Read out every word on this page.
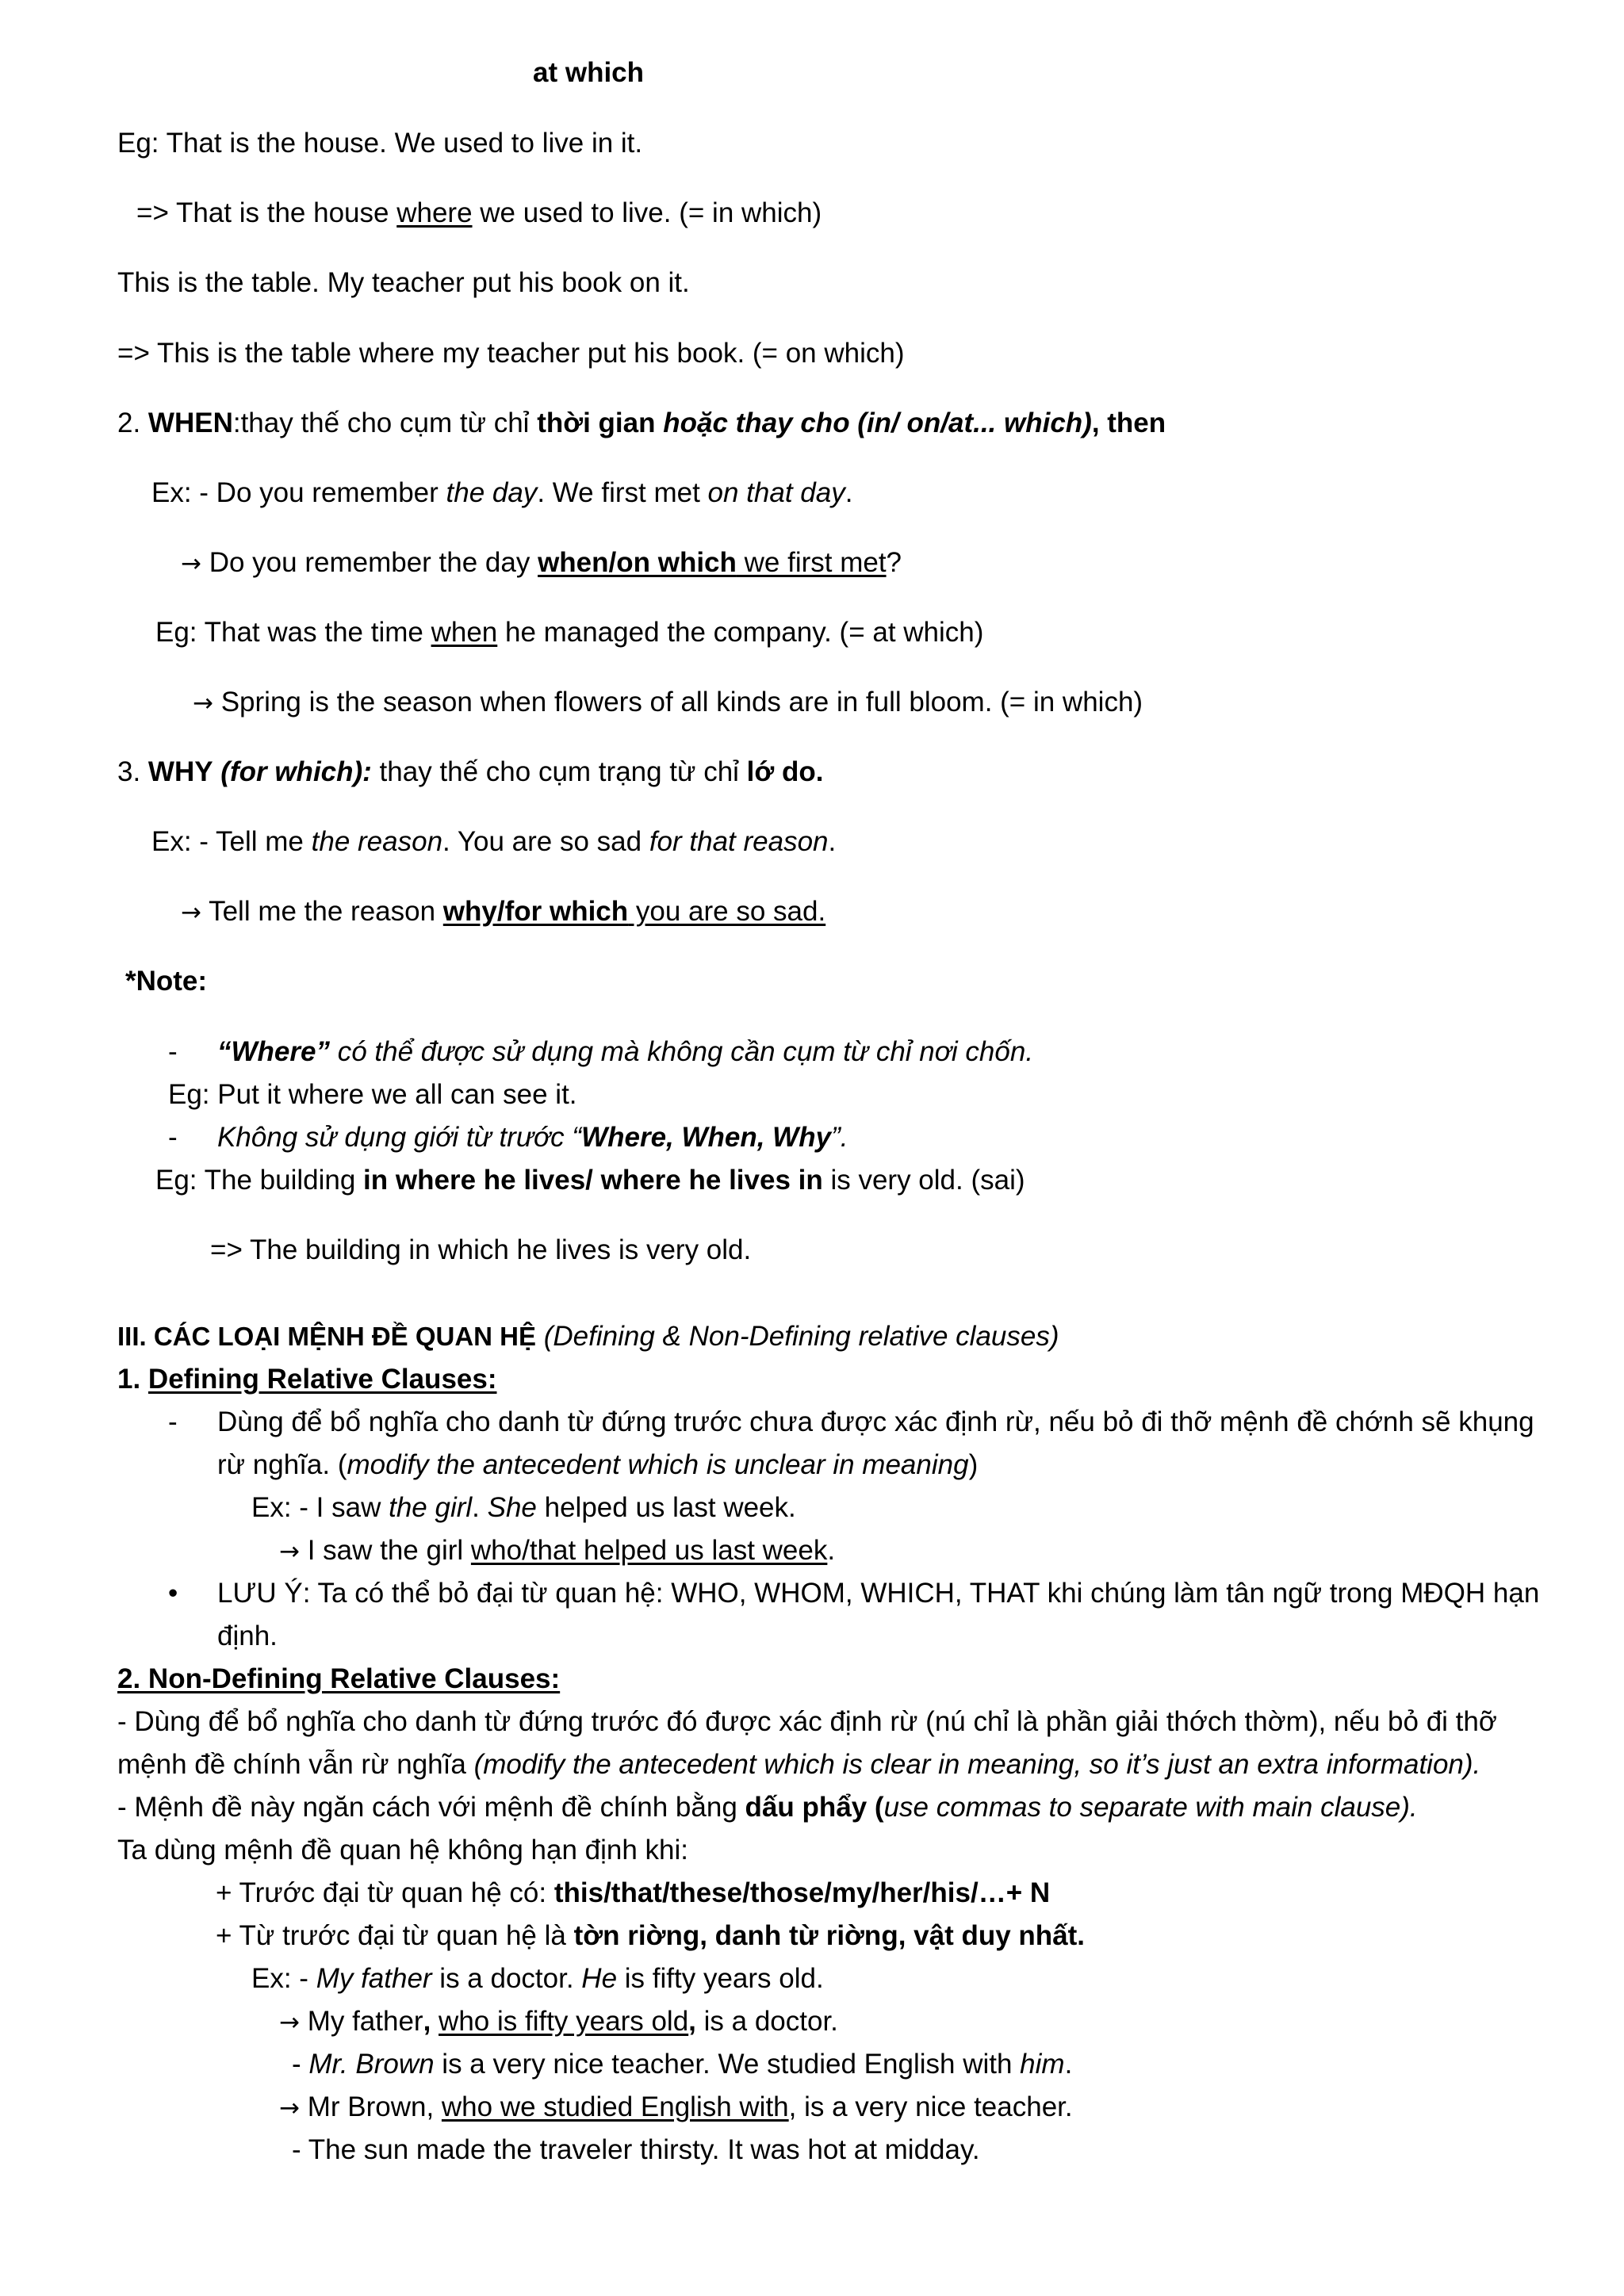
at which
Eg: That is the house. We used to live in it.
=> That is the house where we used to live. (= in which)
This is the table. My teacher put his book on it.
=> This is the table where my teacher put his book. (= on which)
2. WHEN:thay thế cho cụm từ chỉ thời gian hoặc thay cho (in/ on/at... which), then
Ex: - Do you remember the day. We first met on that day.
→ Do you remember the day when/on which we first met?
Eg: That was the time when he managed the company. (= at which)
→ Spring is the season when flowers of all kinds are in full bloom. (= in which)
3. WHY (for which): thay thế cho cụm trạng từ chỉ lớ do.
Ex: - Tell me the reason. You are so sad for that reason.
→ Tell me the reason why/for which you are so sad.
*Note:
-	“Where” có thể được sử dụng mà không cần cụm từ chỉ nơi chốn.
Eg: Put it where we all can see it.
-	Không sử dụng giới từ trước “Where, When, Why”.
Eg: The building in where he lives/ where he lives in is very old. (sai)
=> The building in which he lives is very old.
III. CÁC LOẠI MỆNH ĐỀ QUAN HỆ (Defining & Non-Defining relative clauses)
1. Defining Relative Clauses:
-	Dùng để bổ nghĩa cho danh từ đứng trước chưa được xác định rừ, nếu bỏ đi thỡ mệnh đề chớnh sẽ khụng
rừ nghĩa. (modify the antecedent which is unclear in meaning)
Ex: - I saw the girl. She helped us last week.
→ I saw the girl who/that helped us last week.
•	LƯU Ý: Ta có thể bỏ đại từ quan hệ: WHO, WHOM, WHICH, THAT khi chúng làm tân ngữ trong MĐQH hạn
định.
2. Non-Defining Relative Clauses:
- Dùng để bổ nghĩa cho danh từ đứng trước đó được xác định rừ (nú chỉ là phần giải thớch thờm), nếu bỏ đi thỡ
mệnh đề chính vẫn rừ nghĩa (modify the antecedent which is clear in meaning, so it’s just an extra information).
- Mệnh đề này ngăn cách với mệnh đề chính bằng dấu phẩy (use commas to separate with main clause).
Ta dùng mệnh đề quan hệ không hạn định khi:
+ Trước đại từ quan hệ có: this/that/these/those/my/her/his/…+ N
+ Từ trước đại từ quan hệ là tờn riờng, danh từ riờng, vật duy nhất.
Ex: - My father is a doctor. He is fifty years old.
→ My father, who is fifty years old, is a doctor.
- Mr. Brown is a very nice teacher. We studied English with him.
→ Mr Brown, who we studied English with, is a very nice teacher.
- The sun made the traveler thirsty. It was hot at midday.
